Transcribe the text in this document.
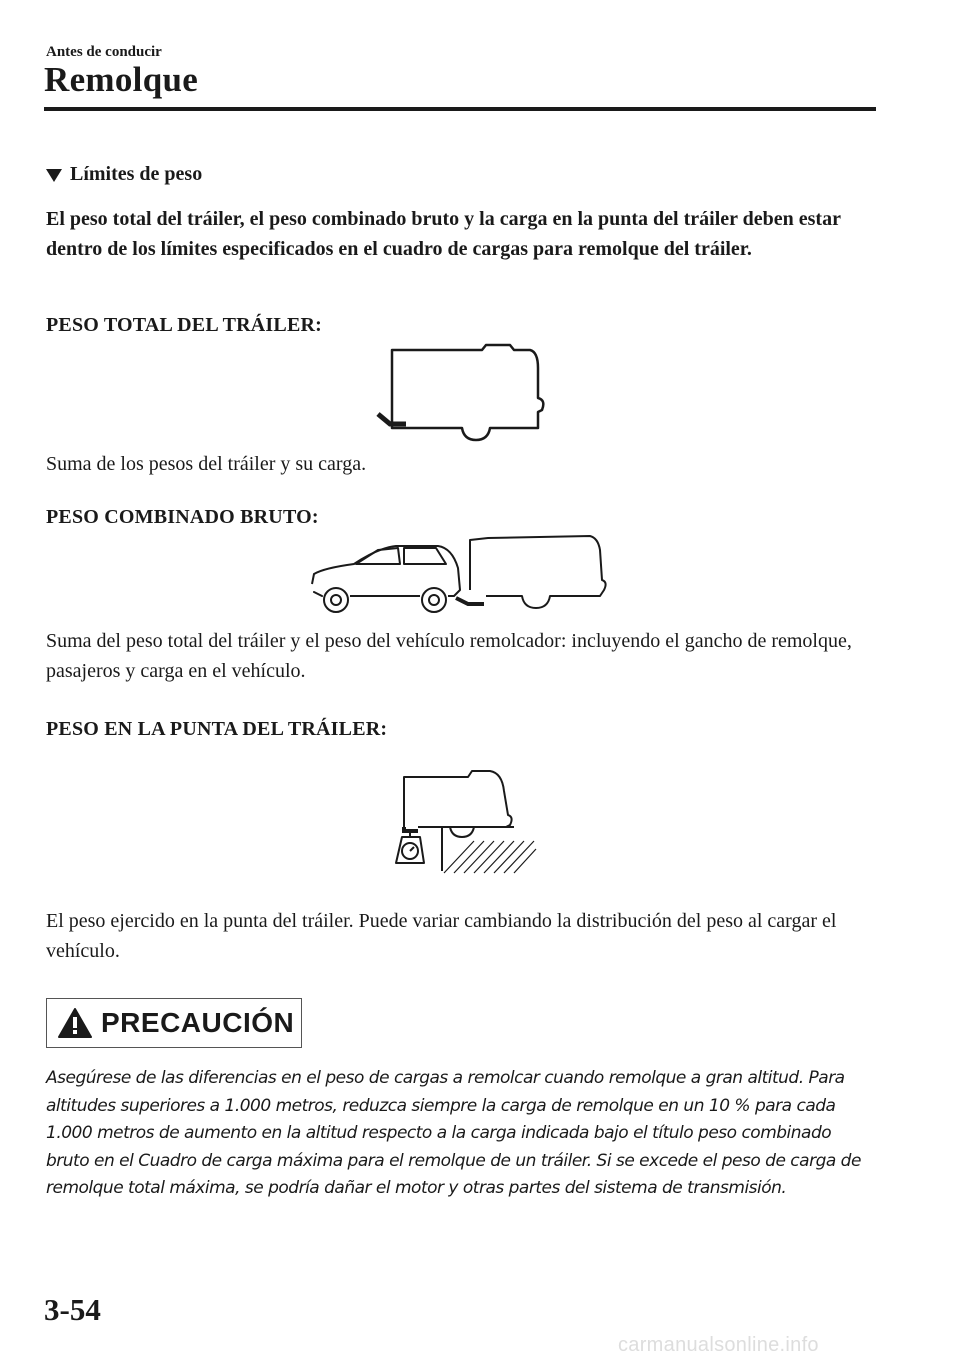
Antes de conducir
Remolque
Límites de peso
El peso total del tráiler, el peso combinado bruto y la carga en la punta del tráiler deben estar dentro de los límites especificados en el cuadro de cargas para remolque del tráiler.
PESO TOTAL DEL TRÁILER:
Suma de los pesos del tráiler y su carga.
PESO COMBINADO BRUTO:
Suma del peso total del tráiler y el peso del vehículo remolcador: incluyendo el gancho de remolque, pasajeros y carga en el vehículo.
PESO EN LA PUNTA DEL TRÁILER:
El peso ejercido en la punta del tráiler. Puede variar cambiando la distribución del peso al cargar el vehículo.
PRECAUCIÓN
Asegúrese de las diferencias en el peso de cargas a remolcar cuando remolque a gran altitud. Para altitudes superiores a 1.000 metros, reduzca siempre la carga de remolque en un 10 % para cada 1.000 metros de aumento en la altitud respecto a la carga indicada bajo el título peso combinado bruto en el Cuadro de carga máxima para el remolque de un tráiler. Si se excede el peso de carga de remolque total máxima, se podría dañar el motor y otras partes del sistema de transmisión.
3-54
carmanualsonline.info
